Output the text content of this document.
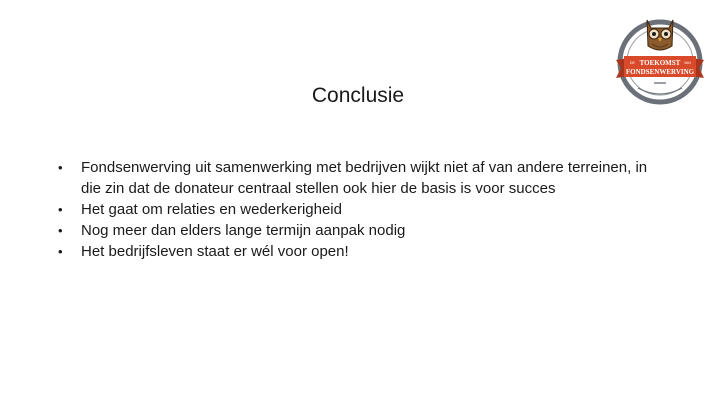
DE	VAN
TOEKOMST
FONDSENWERVING
Conclusie
• Fondsenwerving uit samenwerking met bedrijven wijkt niet af van andere terreinen, in die zin dat de donateur centraal stellen ook hier de basis is voor succes
• Het gaat om relaties en wederkerigheid
• Nog meer dan elders lange termijn aanpak nodig
• Het bedrijfsleven staat er wél voor open!
